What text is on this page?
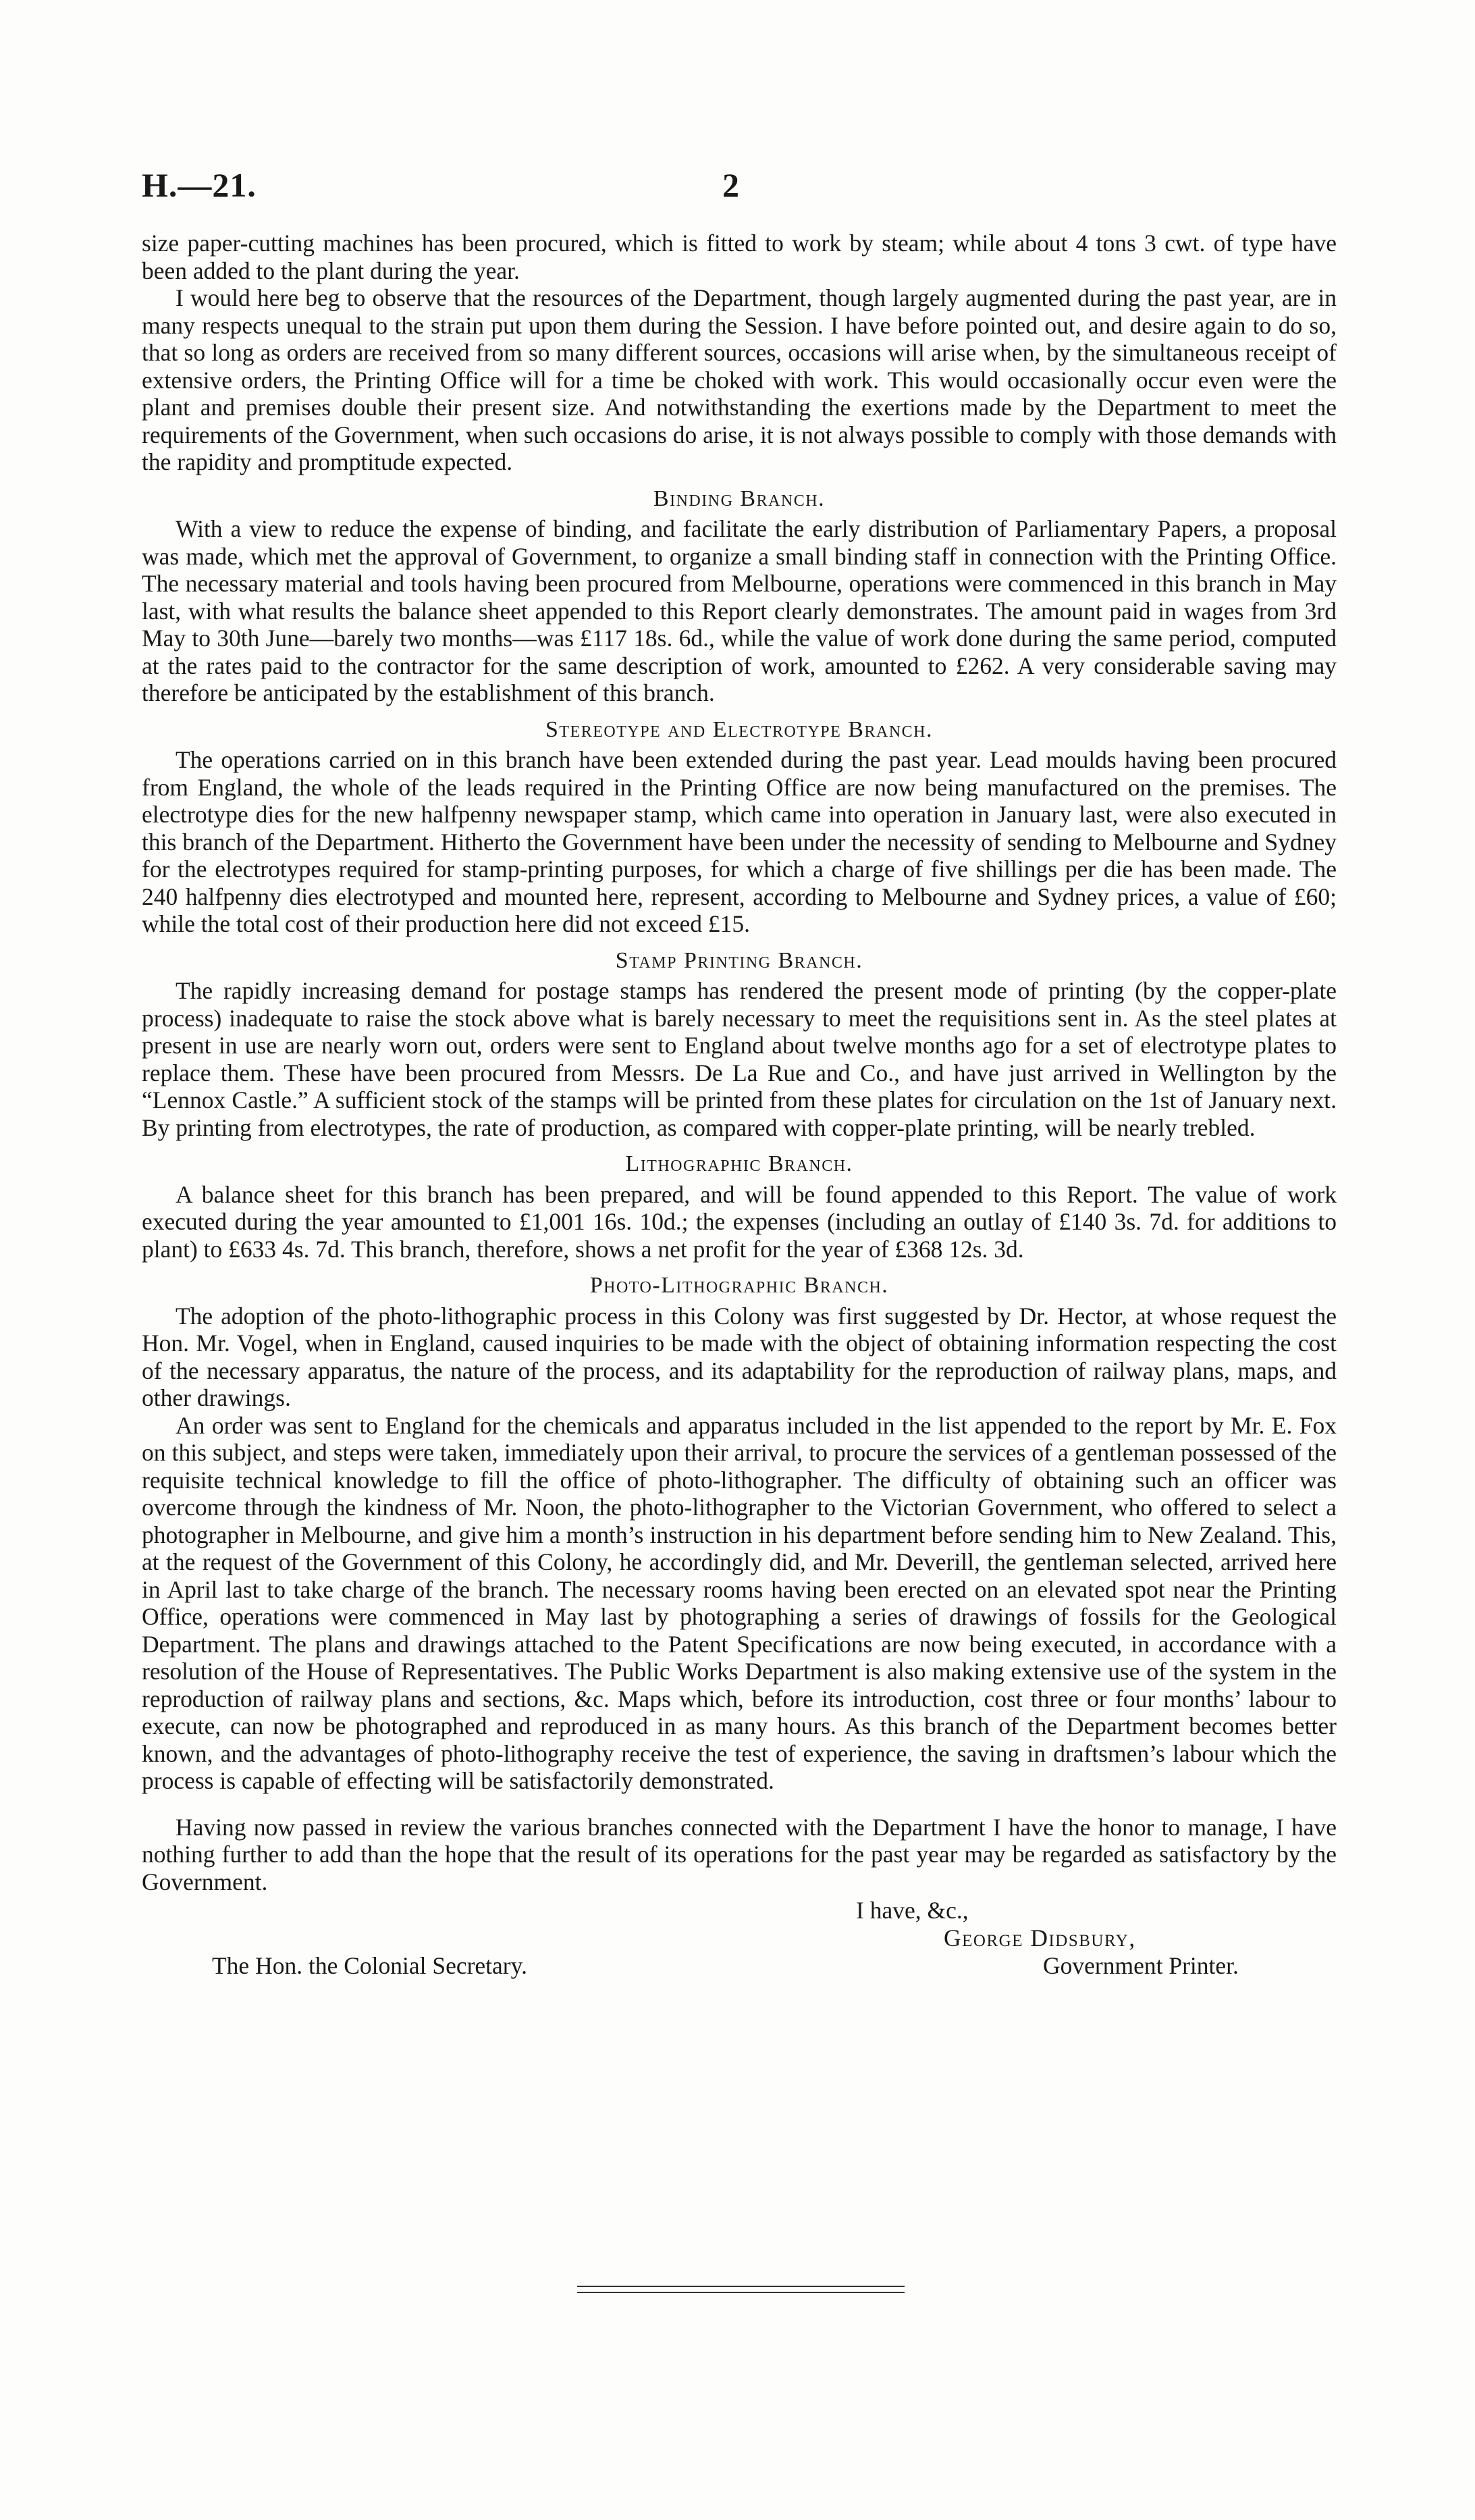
H.—21.	2

size paper-cutting machines has been procured, which is fitted to work by steam; while about 4 tons 3 cwt. of type have been added to the plant during the year.

I would here beg to observe that the resources of the Department, though largely augmented during the past year, are in many respects unequal to the strain put upon them during the Session. I have before pointed out, and desire again to do so, that so long as orders are received from so many different sources, occasions will arise when, by the simultaneous receipt of extensive orders, the Printing Office will for a time be choked with work. This would occasionally occur even were the plant and premises double their present size. And notwithstanding the exertions made by the Department to meet the requirements of the Government, when such occasions do arise, it is not always possible to comply with those demands with the rapidity and promptitude expected.

Binding Branch.

With a view to reduce the expense of binding, and facilitate the early distribution of Parliamentary Papers, a proposal was made, which met the approval of Government, to organize a small binding staff in connection with the Printing Office. The necessary material and tools having been procured from Melbourne, operations were commenced in this branch in May last, with what results the balance sheet appended to this Report clearly demonstrates. The amount paid in wages from 3rd May to 30th June—barely two months—was £117 18s. 6d., while the value of work done during the same period, computed at the rates paid to the contractor for the same description of work, amounted to £262. A very considerable saving may therefore be anticipated by the establishment of this branch.

Stereotype and Electrotype Branch.

The operations carried on in this branch have been extended during the past year. Lead moulds having been procured from England, the whole of the leads required in the Printing Office are now being manufactured on the premises. The electrotype dies for the new halfpenny newspaper stamp, which came into operation in January last, were also executed in this branch of the Department. Hitherto the Government have been under the necessity of sending to Melbourne and Sydney for the electrotypes required for stamp-printing purposes, for which a charge of five shillings per die has been made. The 240 halfpenny dies electrotyped and mounted here, represent, according to Melbourne and Sydney prices, a value of £60; while the total cost of their production here did not exceed £15.

Stamp Printing Branch.

The rapidly increasing demand for postage stamps has rendered the present mode of printing (by the copper-plate process) inadequate to raise the stock above what is barely necessary to meet the requisitions sent in. As the steel plates at present in use are nearly worn out, orders were sent to England about twelve months ago for a set of electrotype plates to replace them. These have been procured from Messrs. De La Rue and Co., and have just arrived in Wellington by the “Lennox Castle.” A sufficient stock of the stamps will be printed from these plates for circulation on the 1st of January next. By printing from electrotypes, the rate of production, as compared with copper-plate printing, will be nearly trebled.

Lithographic Branch.

A balance sheet for this branch has been prepared, and will be found appended to this Report. The value of work executed during the year amounted to £1,001 16s. 10d.; the expenses (including an outlay of £140 3s. 7d. for additions to plant) to £633 4s. 7d. This branch, therefore, shows a net profit for the year of £368 12s. 3d.

Photo-Lithographic Branch.

The adoption of the photo-lithographic process in this Colony was first suggested by Dr. Hector, at whose request the Hon. Mr. Vogel, when in England, caused inquiries to be made with the object of obtaining information respecting the cost of the necessary apparatus, the nature of the process, and its adaptability for the reproduction of railway plans, maps, and other drawings.

An order was sent to England for the chemicals and apparatus included in the list appended to the report by Mr. E. Fox on this subject, and steps were taken, immediately upon their arrival, to procure the services of a gentleman possessed of the requisite technical knowledge to fill the office of photo-lithographer. The difficulty of obtaining such an officer was overcome through the kindness of Mr. Noon, the photo-lithographer to the Victorian Government, who offered to select a photographer in Melbourne, and give him a month’s instruction in his department before sending him to New Zealand. This, at the request of the Government of this Colony, he accordingly did, and Mr. Deverill, the gentleman selected, arrived here in April last to take charge of the branch. The necessary rooms having been erected on an elevated spot near the Printing Office, operations were commenced in May last by photographing a series of drawings of fossils for the Geological Department. The plans and drawings attached to the Patent Specifications are now being executed, in accordance with a resolution of the House of Representatives. The Public Works Department is also making extensive use of the system in the reproduction of railway plans and sections, &c. Maps which, before its introduction, cost three or four months’ labour to execute, can now be photographed and reproduced in as many hours. As this branch of the Department becomes better known, and the advantages of photo-lithography receive the test of experience, the saving in draftsmen’s labour which the process is capable of effecting will be satisfactorily demonstrated.

Having now passed in review the various branches connected with the Department I have the honor to manage, I have nothing further to add than the hope that the result of its operations for the past year may be regarded as satisfactory by the Government.

I have, &c.,
George Didsbury,
The Hon. the Colonial Secretary.	Government Printer.
